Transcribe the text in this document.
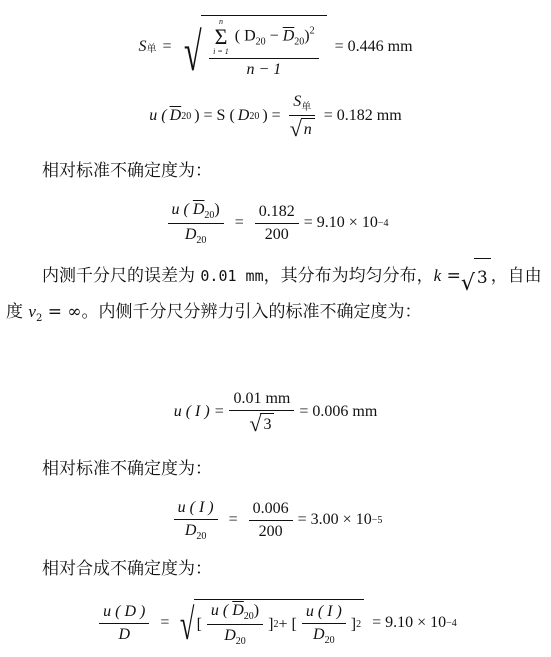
S 单 = √
n
Σ
i = 1
( $D_{20} - \overline{D}_{20})^2$
n − 1
= 0.446 mm
u ( $\overline{D}$ 20 ) = S ( D 20 ) = $\frac{S_单}{√ n} = 0.182$ mm
相对标准不确定度为：
$\frac{u ( \overline{D}_{20})}{D_{20}} = \frac{0.182}{200} = 9.10 \times 10 -4$
内测千分尺的误差为 0.01 mm，其分布为均匀分布，k = √ 3 ，自由度 $v_2$ = ∞。内侧千分尺分辨力引入的标准不确定度为：
u ( I ) = $\frac{0.01 mm}{√ 3} = 0.006$ mm
相对标准不确定度为：
$\frac{u ( I )}{D_{20}} = \frac{0.006}{200} = 3.00 \times 10 -5$
相对合成不确定度为：
$\frac{u ( D )}{D}$ = √ [ $\frac{u ( \overline{D}_{20})}{D_{20}}$ ] 2 + [ $\frac{u ( I )}{D_{20}}$ ] 2 = 9.10 × 10 −4
